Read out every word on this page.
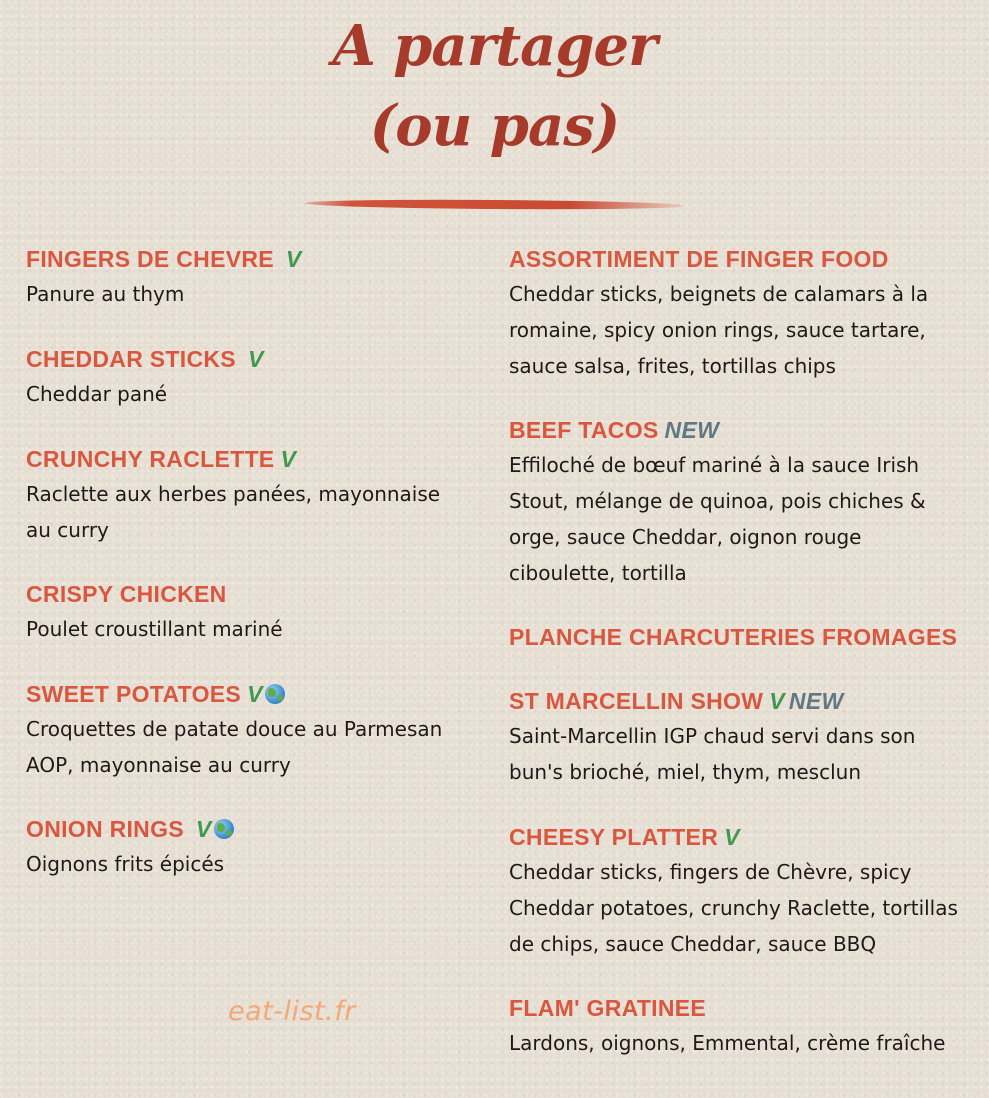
A partager
(ou pas)
FINGERS DE CHEVRE V
Panure au thym
CHEDDAR STICKS V
Cheddar pané
CRUNCHY RACLETTE V
Raclette aux herbes panées, mayonnaise au curry
CRISPY CHICKEN
Poulet croustillant mariné
SWEET POTATOES V
Croquettes de patate douce au Parmesan AOP, mayonnaise au curry
ONION RINGS V
Oignons frits épicés
ASSORTIMENT DE FINGER FOOD
Cheddar sticks, beignets de calamars à la romaine, spicy onion rings, sauce tartare, sauce salsa, frites, tortillas chips
BEEF TACOS NEW
Effiloché de bœuf mariné à la sauce Irish Stout, mélange de quinoa, pois chiches & orge, sauce Cheddar, oignon rouge ciboulette, tortilla
PLANCHE CHARCUTERIES FROMAGES
ST MARCELLIN SHOW V NEW
Saint-Marcellin IGP chaud servi dans son bun's brioché, miel, thym, mesclun
CHEESY PLATTER V
Cheddar sticks, fingers de Chèvre, spicy Cheddar potatoes, crunchy Raclette, tortillas de chips, sauce Cheddar, sauce BBQ
FLAM' GRATINEE
Lardons, oignons, Emmental, crème fraîche
eat-list.fr
